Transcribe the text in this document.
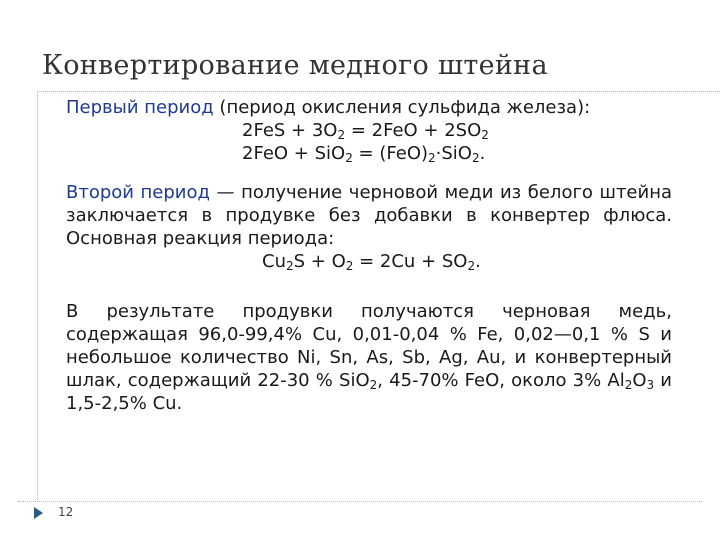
Конвертирование медного штейна
Первый период (период окисления сульфида железа):
$2FeS + 3O_2 = 2FeO + 2SO_2$
$2FeO + SiO_2 = (FeO)_2\cdot SiO_2$.
Второй период — получение черновой меди из белого штейна заключается в продувке без добавки в конвертер флюса. Основная реакция периода:
$Cu_2S + O_2 = 2Cu + SO_2$.
В результате продувки получаются черновая медь, содержащая 96,0-99,4% Cu, 0,01-0,04 % Fe, 0,02—0,1 % S и небольшое количество Ni, Sn, As, Sb, Ag, Au, и конвертерный шлак, содержащий 22-30 % SiO$_2$, 45-70% FeO, около 3% $Al_2O_3$ и 1,5-2,5% Cu.
12
